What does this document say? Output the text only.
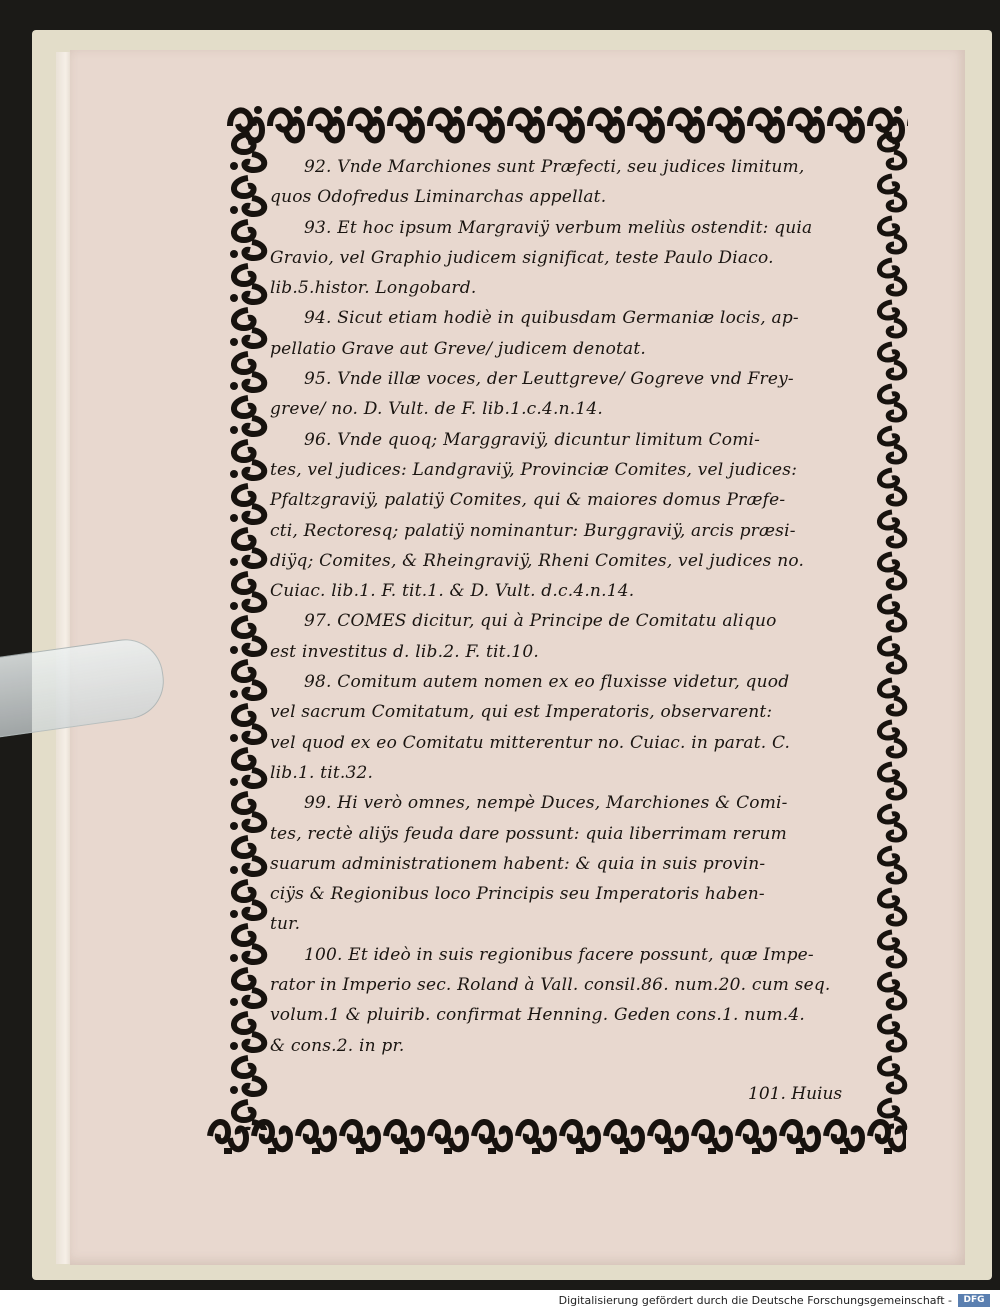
92. Vnde Marchiones sunt Præfecti, seu judices limitum,
quos Odofredus Liminarchas appellat.
93. Et hoc ipsum Margraviÿ verbum meliùs ostendit: quia
Gravio, vel Graphio judicem significat, teste Paulo Diaco.
lib.5.histor. Longobard.
94. Sicut etiam hodiè in quibusdam Germaniæ locis, ap-
pellatio Grave aut Greve/ judicem denotat.
95. Vnde illæ voces, der Leuttgreve/ Gogreve vnd Frey-
greve/ no. D. Vult. de F. lib.1.c.4.n.14.
96. Vnde quoq; Marggraviÿ, dicuntur limitum Comi-
tes, vel judices: Landgraviÿ, Provinciæ Comites, vel judices:
Pfaltzgraviÿ, palatiÿ Comites, qui & maiores domus Præfe-
cti, Rectoresq; palatiÿ nominantur: Burggraviÿ, arcis præsi-
diÿq; Comites, & Rheingraviÿ, Rheni Comites, vel judices no.
Cuiac. lib.1. F. tit.1. & D. Vult. d.c.4.n.14.
97. COMES dicitur, qui à Principe de Comitatu aliquo
est investitus d. lib.2. F. tit.10.
98. Comitum autem nomen ex eo fluxisse videtur, quod
vel sacrum Comitatum, qui est Imperatoris, observarent:
vel quod ex eo Comitatu mitterentur no. Cuiac. in parat. C.
lib.1. tit.32.
99. Hi verò omnes, nempè Duces, Marchiones & Comi-
tes, rectè aliÿs feuda dare possunt: quia liberrimam rerum
suarum administrationem habent: & quia in suis provin-
ciÿs & Regionibus loco Principis seu Imperatoris haben-
tur.
100. Et ideò in suis regionibus facere possunt, quæ Impe-
rator in Imperio sec. Roland à Vall. consil.86. num.20. cum seq.
volum.1 & pluirib. confirmat Henning. Geden cons.1. num.4.
& cons.2. in pr.
101. Huius
Digitalisierung gefördert durch die Deutsche Forschungsgemeinschaft -	DFG
